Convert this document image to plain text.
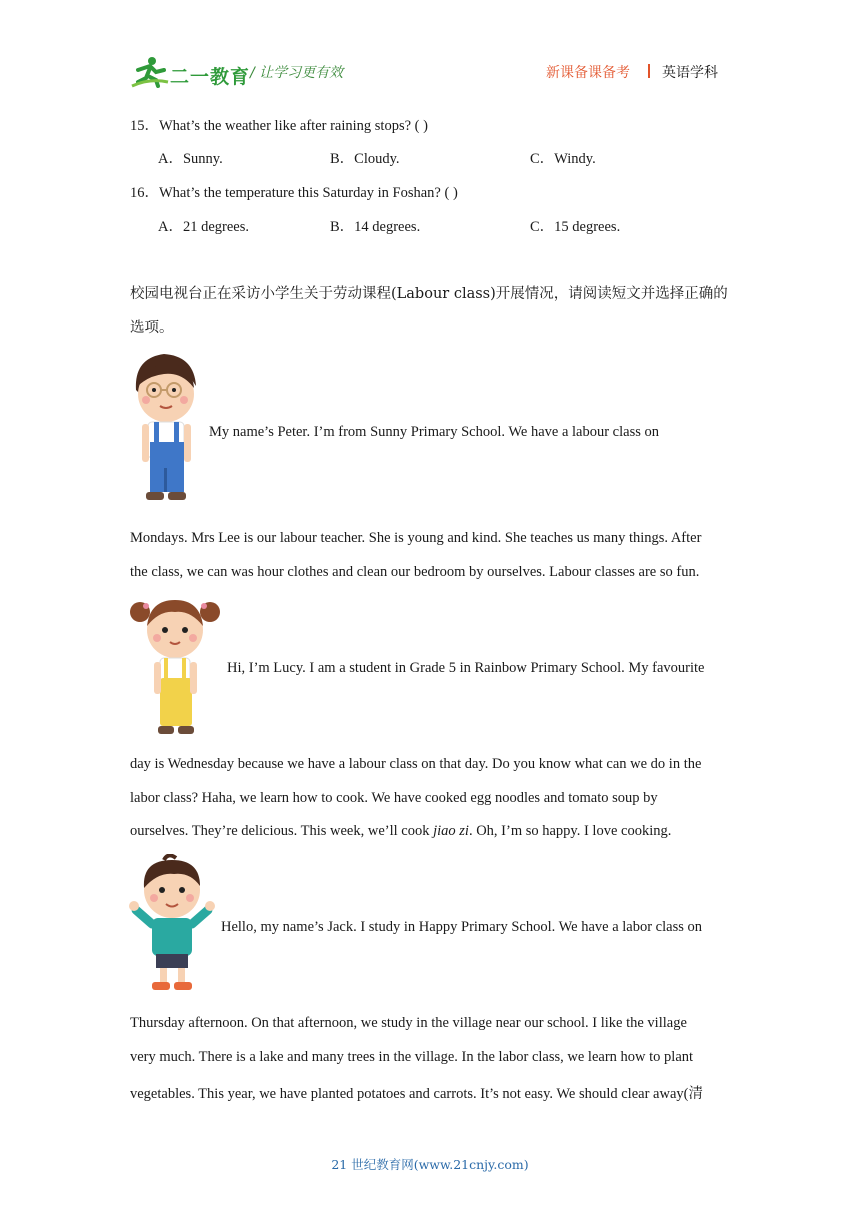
二一教育 / 让学习更有效	新课备课备考 英语学科
15．What’s the weather like after raining stops? ( )
A．Sunny.	B．Cloudy.	C．Windy.
16．What’s the temperature this Saturday in Foshan? ( )
A．21 degrees.	B．14 degrees.	C．15 degrees.
校园电视台正在采访小学生关于劳动课程(Labour class)开展情况，请阅读短文并选择正确的
选项。
My name’s Peter. I’m from Sunny Primary School. We have a labour class on
Mondays. Mrs Lee is our labour teacher. She is young and kind. She teaches us many things. After
the class, we can was hour clothes and clean our bedroom by ourselves. Labour classes are so fun.
Hi, I’m Lucy. I am a student in Grade 5 in Rainbow Primary School. My favourite
day is Wednesday because we have a labour class on that day. Do you know what can we do in the
labor class? Haha, we learn how to cook. We have cooked egg noodles and tomato soup by
ourselves. They’re delicious. This week, we’ll cook jiao zi. Oh, I’m so happy. I love cooking.
Hello, my name’s Jack. I study in Happy Primary School. We have a labor class on
Thursday afternoon. On that afternoon, we study in the village near our school. I like the village
very much. There is a lake and many trees in the village. In the labor class, we learn how to plant
vegetables. This year, we have planted potatoes and carrots. It’s not easy. We should clear away(清
21 世纪教育网(www.21cnjy.com)
